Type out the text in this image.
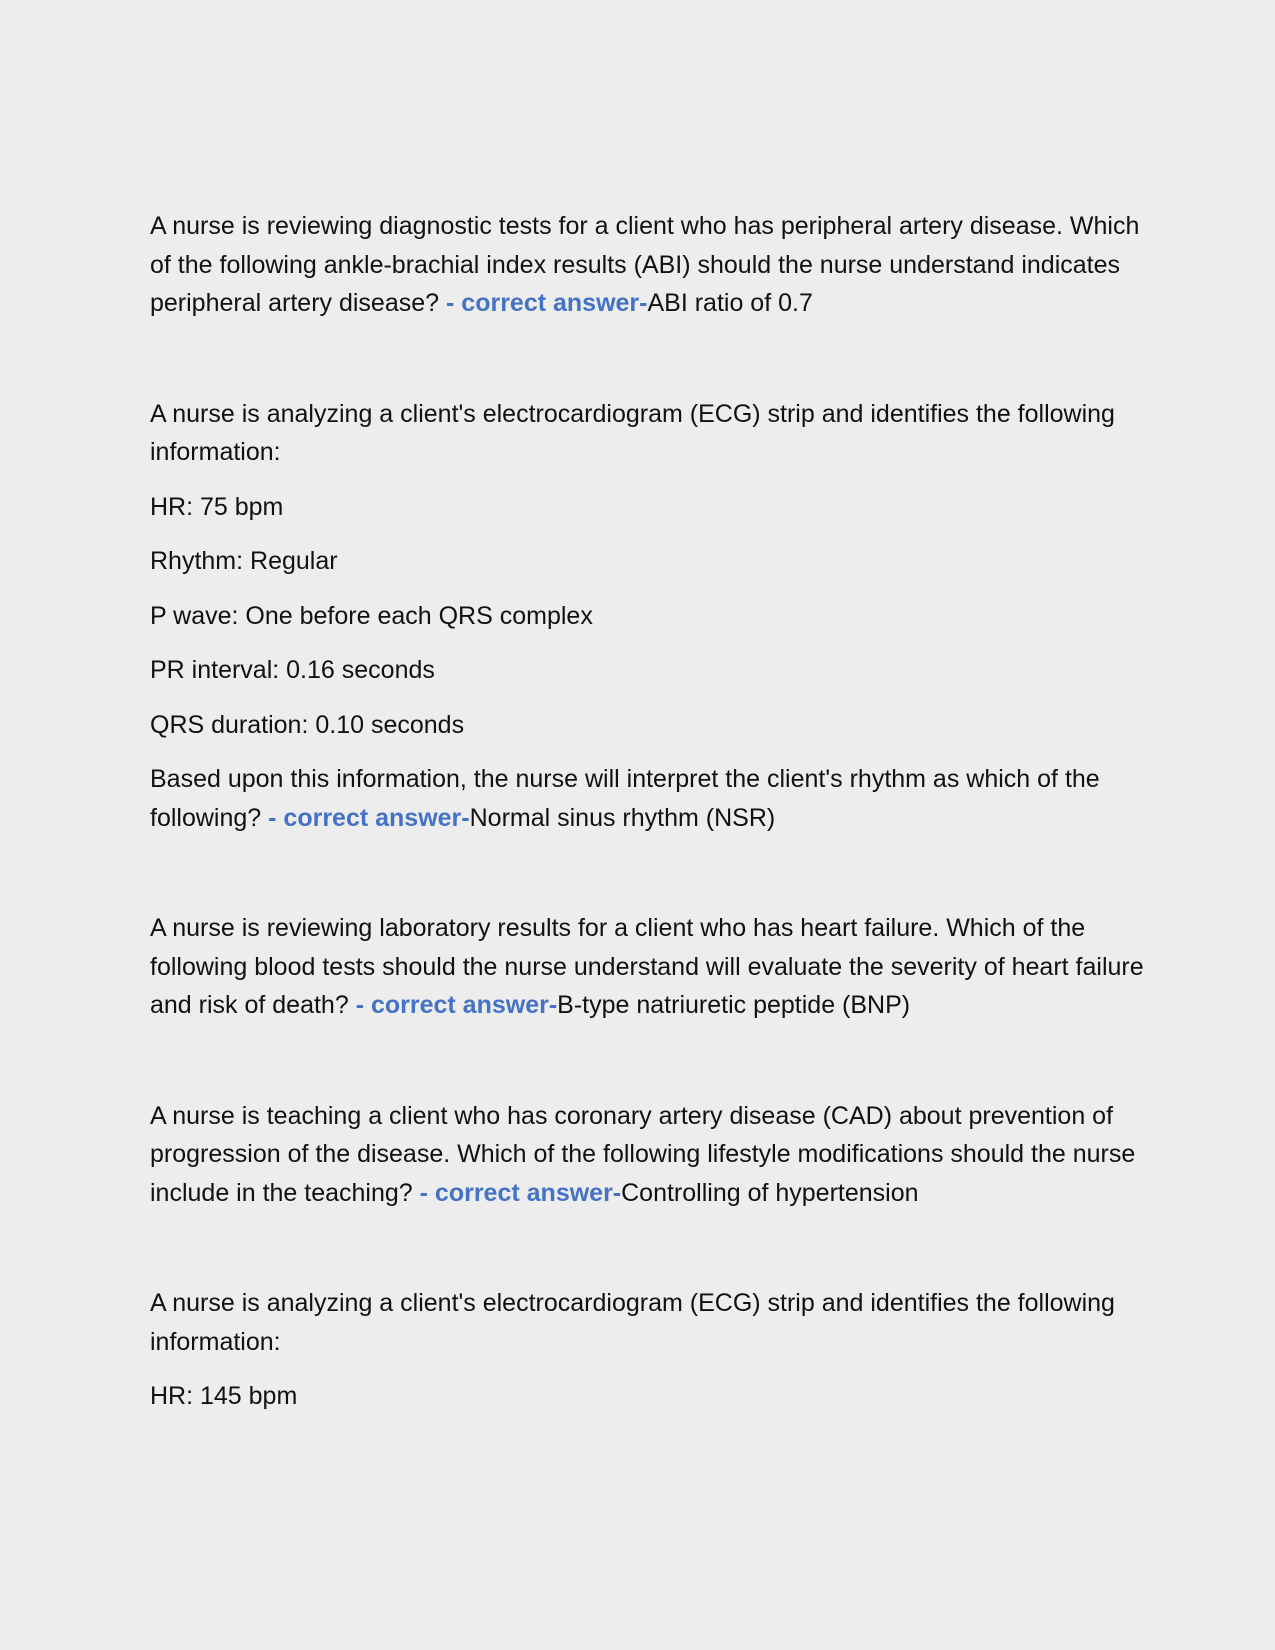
A nurse is reviewing diagnostic tests for a client who has peripheral artery disease. Which of the following ankle-brachial index results (ABI) should the nurse understand indicates peripheral artery disease? - correct answer-ABI ratio of 0.7

A nurse is analyzing a client's electrocardiogram (ECG) strip and identifies the following information:

HR: 75 bpm

Rhythm: Regular

P wave: One before each QRS complex

PR interval: 0.16 seconds

QRS duration: 0.10 seconds

Based upon this information, the nurse will interpret the client's rhythm as which of the following? - correct answer-Normal sinus rhythm (NSR)

A nurse is reviewing laboratory results for a client who has heart failure. Which of the following blood tests should the nurse understand will evaluate the severity of heart failure and risk of death? - correct answer-B-type natriuretic peptide (BNP)

A nurse is teaching a client who has coronary artery disease (CAD) about prevention of progression of the disease. Which of the following lifestyle modifications should the nurse include in the teaching? - correct answer-Controlling of hypertension

A nurse is analyzing a client's electrocardiogram (ECG) strip and identifies the following information:

HR: 145 bpm
